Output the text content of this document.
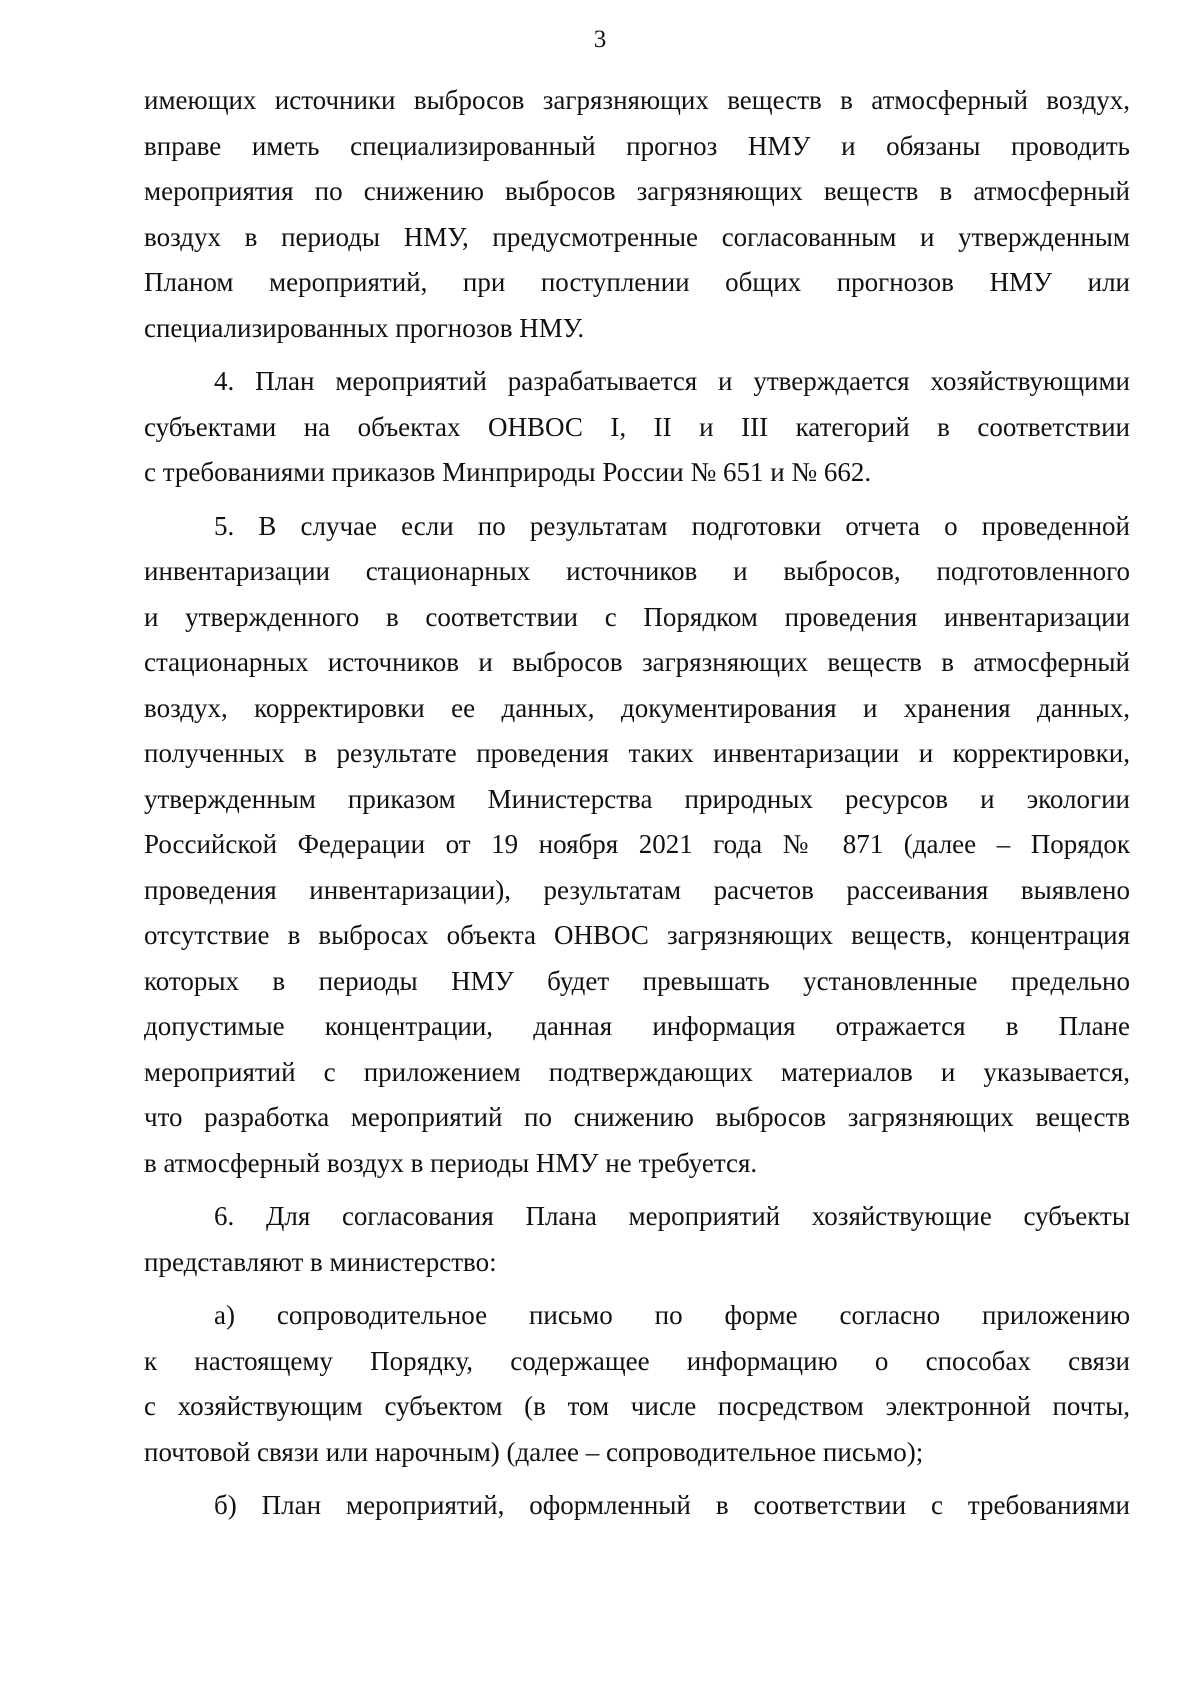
3
имеющих источники выбросов загрязняющих веществ в атмосферный воздух,
вправе иметь специализированный прогноз НМУ и обязаны проводить
мероприятия по снижению выбросов загрязняющих веществ в атмосферный
воздух в периоды НМУ, предусмотренные согласованным и утвержденным
Планом мероприятий, при поступлении общих прогнозов НМУ или
специализированных прогнозов НМУ.
4. План мероприятий разрабатывается и утверждается хозяйствующими
субъектами на объектах ОНВОС I, II и III категорий в соответствии
с требованиями приказов Минприроды России № 651 и № 662.
5. В случае если по результатам подготовки отчета о проведенной
инвентаризации стационарных источников и выбросов, подготовленного
и утвержденного в соответствии с Порядком проведения инвентаризации
стационарных источников и выбросов загрязняющих веществ в атмосферный
воздух, корректировки ее данных, документирования и хранения данных,
полученных в результате проведения таких инвентаризации и корректировки,
утвержденным приказом Министерства природных ресурсов и экологии
Российской Федерации от 19 ноября 2021 года № 871 (далее – Порядок
проведения инвентаризации), результатам расчетов рассеивания выявлено
отсутствие в выбросах объекта ОНВОС загрязняющих веществ, концентрация
которых в периоды НМУ будет превышать установленные предельно
допустимые концентрации, данная информация отражается в Плане
мероприятий с приложением подтверждающих материалов и указывается,
что разработка мероприятий по снижению выбросов загрязняющих веществ
в атмосферный воздух в периоды НМУ не требуется.
6. Для согласования Плана мероприятий хозяйствующие субъекты
представляют в министерство:
а) сопроводительное письмо по форме согласно приложению
к настоящему Порядку, содержащее информацию о способах связи
с хозяйствующим субъектом (в том числе посредством электронной почты,
почтовой связи или нарочным) (далее – сопроводительное письмо);
б) План мероприятий, оформленный в соответствии с требованиями
